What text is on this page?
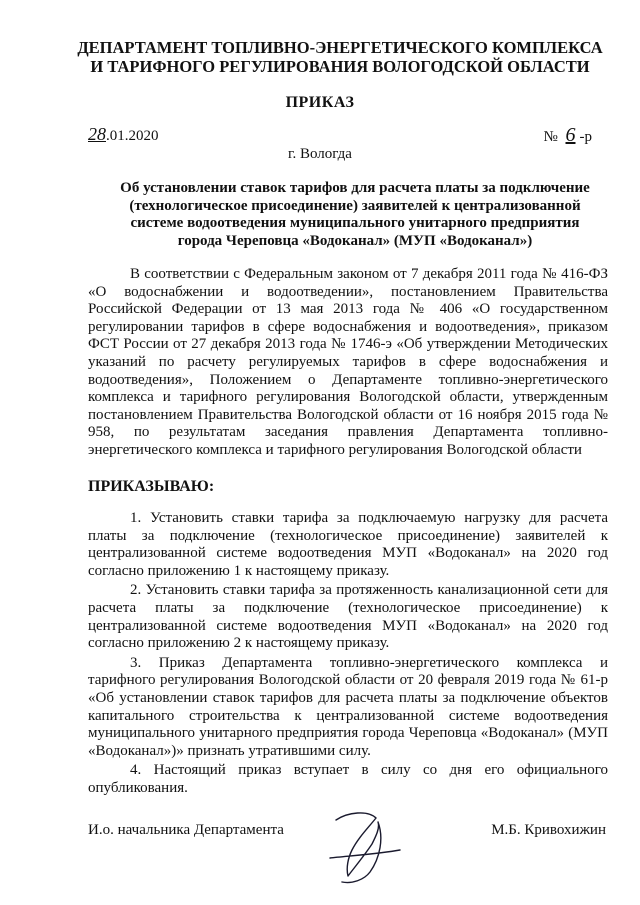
ДЕПАРТАМЕНТ ТОПЛИВНО-ЭНЕРГЕТИЧЕСКОГО КОМПЛЕКСА
И ТАРИФНОГО РЕГУЛИРОВАНИЯ ВОЛОГОДСКОЙ ОБЛАСТИ
ПРИКАЗ
28.01.2020	№ 6 -р
г. Вологда
Об установлении ставок тарифов для расчета платы за подключение
(технологическое присоединение) заявителей к централизованной
системе водоотведения муниципального унитарного предприятия
города Череповца «Водоканал» (МУП «Водоканал»)
В соответствии с Федеральным законом от 7 декабря 2011 года № 416-ФЗ «О водоснабжении и водоотведении», постановлением Правительства Российской Федерации от 13 мая 2013 года № 406 «О государственном регулировании тарифов в сфере водоснабжения и водоотведения», приказом ФСТ России от 27 декабря 2013 года № 1746-э «Об утверждении Методических указаний по расчету регулируемых тарифов в сфере водоснабжения и водоотведения», Положением о Департаменте топливно-энергетического комплекса и тарифного регулирования Вологодской области, утвержденным постановлением Правительства Вологодской области от 16 ноября 2015 года № 958, по результатам заседания правления Департамента топливно-энергетического комплекса и тарифного регулирования Вологодской области
ПРИКАЗЫВАЮ:

1. Установить ставки тарифа за подключаемую нагрузку для расчета платы за подключение (технологическое присоединение) заявителей к централизованной системе водоотведения МУП «Водоканал» на 2020 год согласно приложению 1 к настоящему приказу.

2. Установить ставки тарифа за протяженность канализационной сети для расчета платы за подключение (технологическое присоединение) к централизованной системе водоотведения МУП «Водоканал» на 2020 год согласно приложению 2 к настоящему приказу.

3. Приказ Департамента топливно-энергетического комплекса и тарифного регулирования Вологодской области от 20 февраля 2019 года № 61-р «Об установлении ставок тарифов для расчета платы за подключение объектов капитального строительства к централизованной системе водоотведения муниципального унитарного предприятия города Череповца «Водоканал» (МУП «Водоканал»)» признать утратившими силу.

4. Настоящий приказ вступает в силу со дня его официального опубликования.

И.о. начальника Департамента	М.Б. Кривохижин
